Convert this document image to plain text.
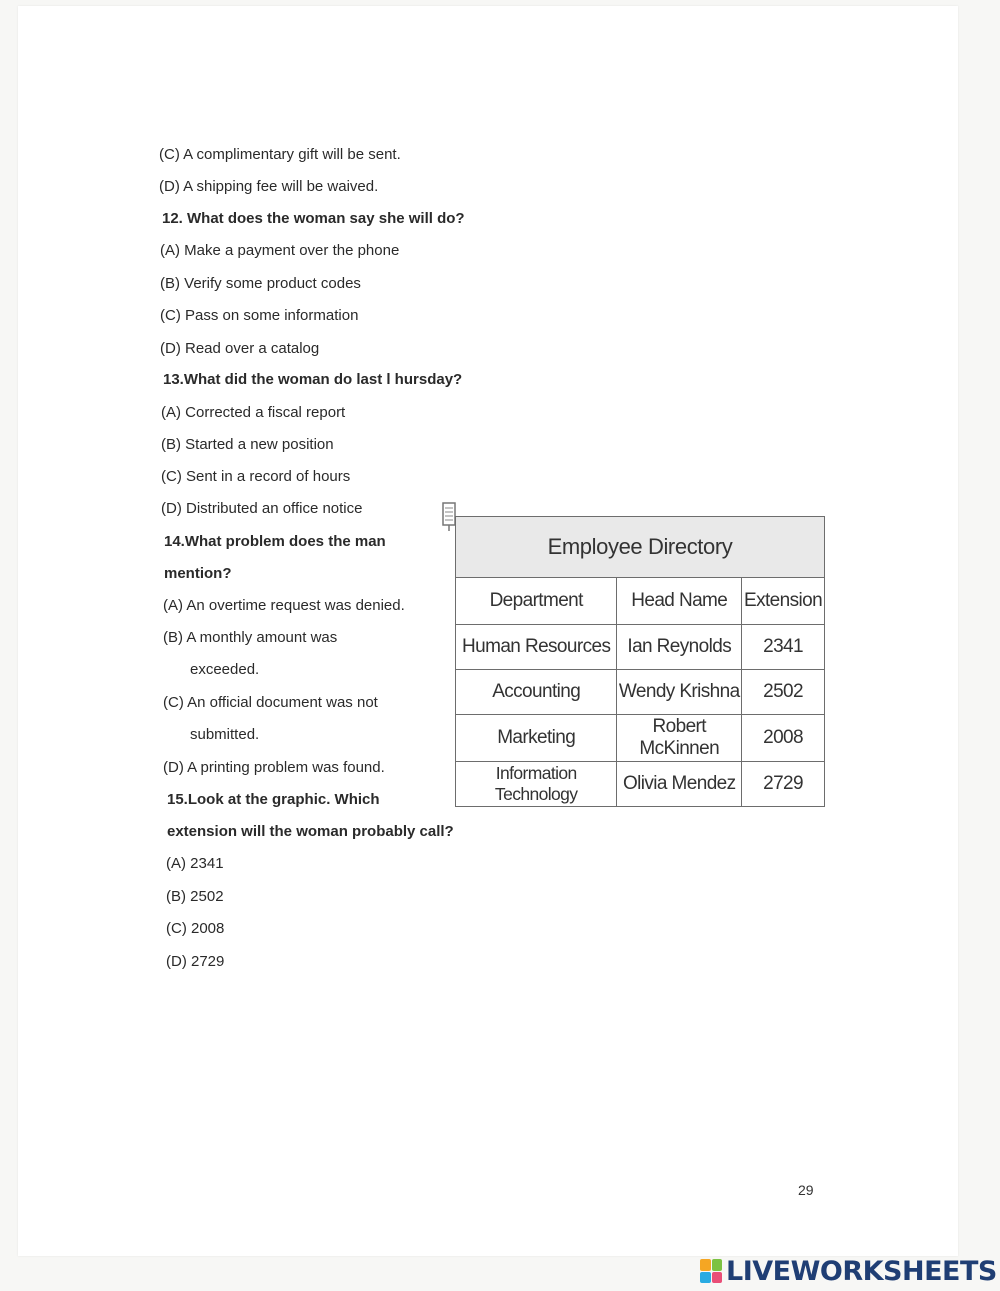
(C) A complimentary gift will be sent.
(D) A shipping fee will be waived.
12. What does the woman say she will do?
(A) Make a payment over the phone
(B) Verify some product codes
(C) Pass on some information
(D) Read over a catalog
13.What did the woman do last l hursday?
(A) Corrected a fiscal report
(B) Started a new position
(C) Sent in a record of hours
(D) Distributed an office notice
14.What problem does the man
mention?
(A) An overtime request was denied.
(B) A monthly amount was
exceeded.
(C) An official document was not
submitted.
(D) A printing problem was found.
15.Look at the graphic. Which
extension will the woman probably call?
(A) 2341
(B) 2502
(C) 2008
(D) 2729
Employee Directory		
Department	Head Name	Extension
Human Resources	Ian Reynolds	2341
Accounting	Wendy Krishna	2502
Marketing	Robert McKinnen	2008
Information Technology	Olivia Mendez	2729
29
LIVEWORKSHEETS
